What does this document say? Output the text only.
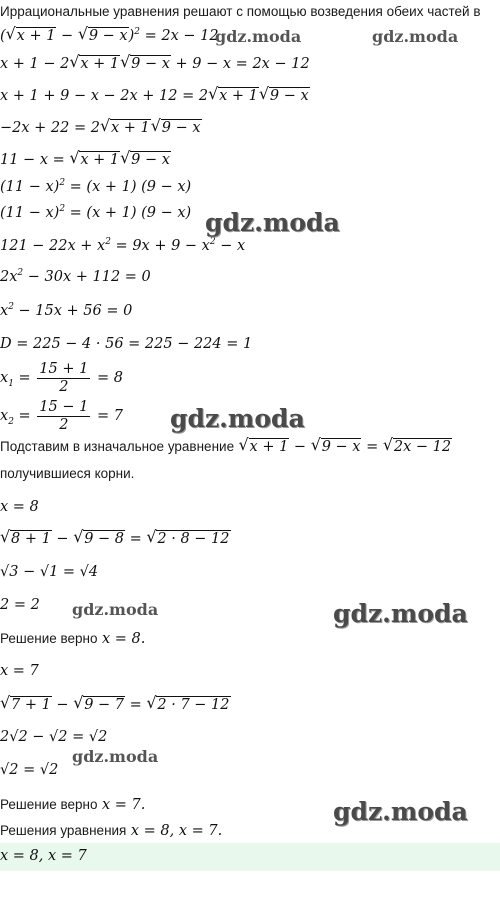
Иррациональные уравнения решают с помощью возведения обеих частей в
( √ x + 1 − √ 9 − x)$^2$ = 2x − 12
x + 1 − 2 √ x + 1 √ 9 − x + 9 − x = 2x − 12
x + 1 + 9 − x − 2x + 12 = 2 √ x + 1 √ 9 − x
−2x + 22 = 2 √ x + 1 √ 9 − x
11 − x = √ x + 1 √ 9 − x
$(11 - x)^2 = (x + 1)$ (9 − x)
$(11 - x)^2 = (x + 1)$ (9 − x)
$121 - 22x + x^2 = 9x + 9 - x^2 - x$
$2x^2 - 30x + 112 = 0$
$x^2 - 15x + 56 = 0$
D = 225 − 4 · 56 = 225 − 224 = 1
$x_1 = \frac{15 + 1}{2} = 8$
$x_2 = \frac{15 - 1}{2} = 7$
Подставим в изначальное уравнение √ x + 1 − √ 9 − x = √ 2x − 12
получившиеся корни.
x = 8
√ 8 + 1 − √ 9 − 8 = √ 2 · 8 − 12
√3 − √1 = √4
2 = 2
Решение верно x = 8.
x = 7
√ 7 + 1 − √ 9 − 7 = √ 2 · 7 − 12
2√2 − √2 = √2
√2 = √2
Решение верно x = 7.
Решения уравнения x = 8, x = 7.
x = 8, x = 7
gdz.moda	gdz.moda
gdz.moda
gdz.moda
gdz.moda	gdz.moda
gdz.moda
gdz.moda
